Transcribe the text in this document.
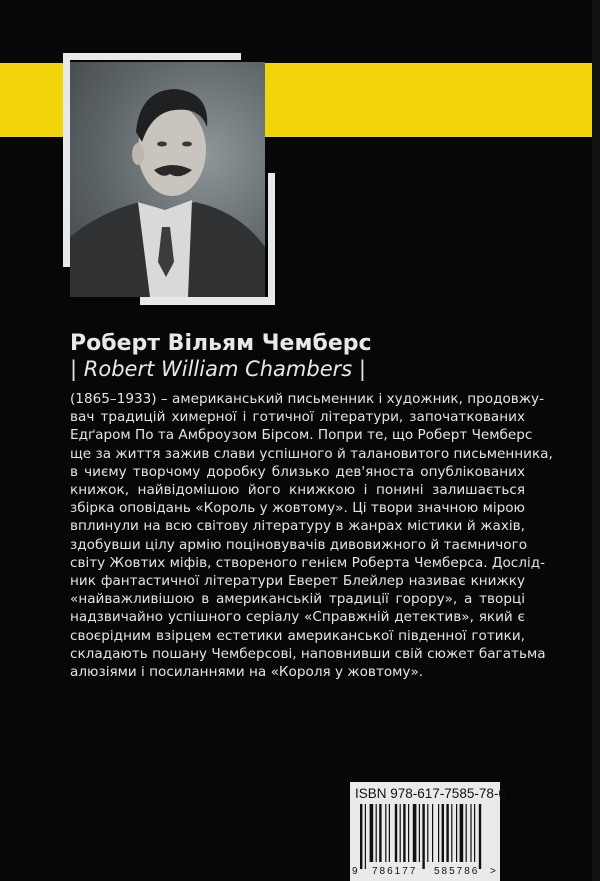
Роберт Вільям Чемберс
| Robert William Chambers |
(1865–1933) – американський письменник і художник, продовжу-
вач традицій химерної і готичної літератури, започаткованих
Едґаром По та Амброузом Бірсом. Попри те, що Роберт Чемберс
ще за життя зажив слави успішного й талановитого письменника,
в чиєму творчому доробку близько дев'яноста опублікованих
книжок, найвідомішою його книжкою і понині залишається
збірка оповідань «Король у жовтому». Ці твори значною мірою
вплинули на всю світову літературу в жанрах містики й жахів,
здобувши цілу армію поціновувачів дивовижного й таємничого
світу Жовтих міфів, створеного генієм Роберта Чемберса. Дослід-
ник фантастичної літератури Еверет Блейлер називає книжку
«найважливішою в американській традиції горору», а творці
надзвичайно успішного серіалу «Справжній детектив», який є
своєрідним взірцем естетики американської південної готики,
складають пошану Чемберсові, наповнивши свій сюжет багатьма
алюзіями і посиланнями на «Короля у жовтому».
ISBN 978-617-7585-78-6
9 786177 585786 >
